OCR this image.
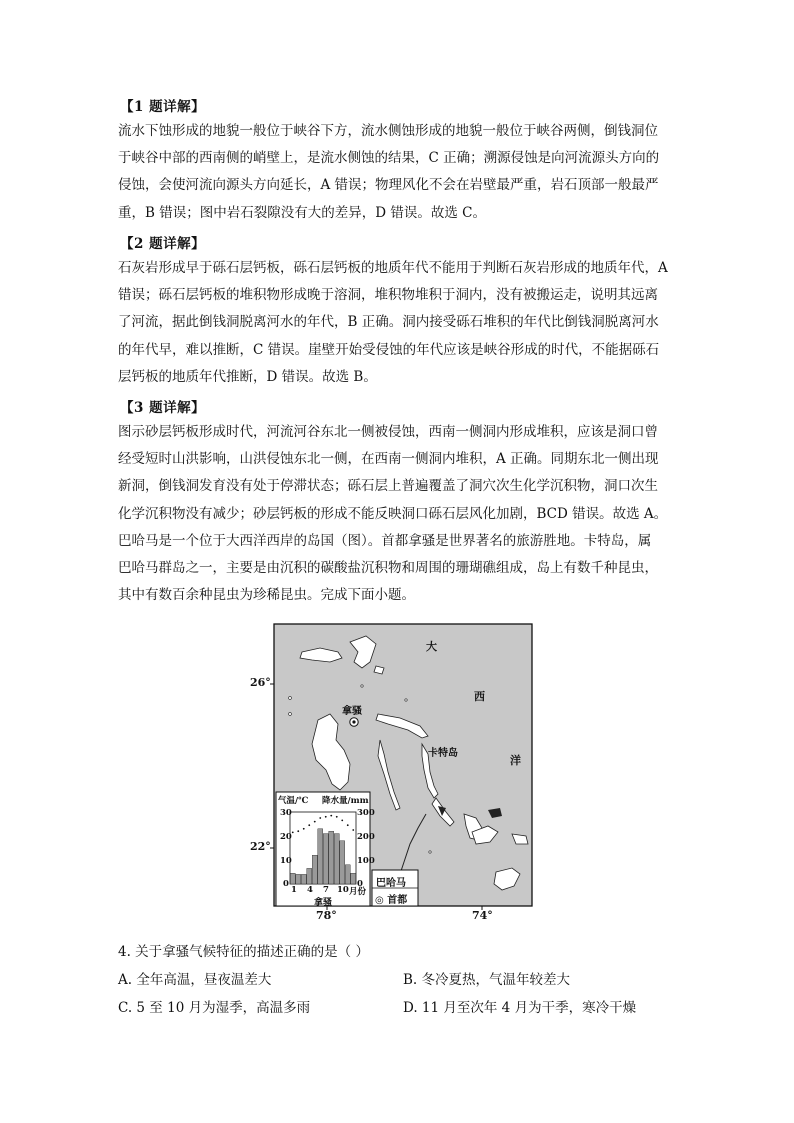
【1 题详解】
流水下蚀形成的地貌一般位于峡谷下方，流水侧蚀形成的地貌一般位于峡谷两侧，倒钱洞位
于峡谷中部的西南侧的峭壁上，是流水侧蚀的结果，C 正确；溯源侵蚀是向河流源头方向的
侵蚀，会使河流向源头方向延长，A 错误；物理风化不会在岩壁最严重，岩石顶部一般最严
重，B 错误；图中岩石裂隙没有大的差异，D 错误。故选 C。
【2 题详解】
石灰岩形成早于砾石层钙板，砾石层钙板的地质年代不能用于判断石灰岩形成的地质年代，A
错误；砾石层钙板的堆积物形成晚于溶洞，堆积物堆积于洞内，没有被搬运走，说明其远离
了河流，据此倒钱洞脱离河水的年代，B 正确。洞内接受砾石堆积的年代比倒钱洞脱离河水
的年代早，难以推断，C 错误。崖壁开始受侵蚀的年代应该是峡谷形成的时代，不能据砾石
层钙板的地质年代推断，D 错误。故选 B。
【3 题详解】
图示砂层钙板形成时代，河流河谷东北一侧被侵蚀，西南一侧洞内形成堆积，应该是洞口曾
经受短时山洪影响，山洪侵蚀东北一侧，在西南一侧洞内堆积，A 正确。同期东北一侧出现
新洞，倒钱洞发育没有处于停滞状态；砾石层上普遍覆盖了洞穴次生化学沉积物，洞口次生
化学沉积物没有减少；砂层钙板的形成不能反映洞口砾石层风化加剧，BCD 错误。故选 A。
巴哈马是一个位于大西洋西岸的岛国（图）。首都拿骚是世界著名的旅游胜地。卡特岛，属
巴哈马群岛之一，主要是由沉积的碳酸盐沉积物和周围的珊瑚礁组成，岛上有数千种昆虫，
其中有数百余种昆虫为珍稀昆虫。完成下面小题。
大
西
洋
拿骚
卡特岛
26°
22°
78°	74°
气温/℃ 降水量/mm
30
20
10
0
300
200
100
0
1 4 7 10 月份
拿骚
巴哈马
◎ 首都
4. 关于拿骚气候特征的描述正确的是（ ）
A. 全年高温，昼夜温差大	B. 冬冷夏热，气温年较差大
C. 5 至 10 月为湿季，高温多雨	D. 11 月至次年 4 月为干季，寒冷干燥
